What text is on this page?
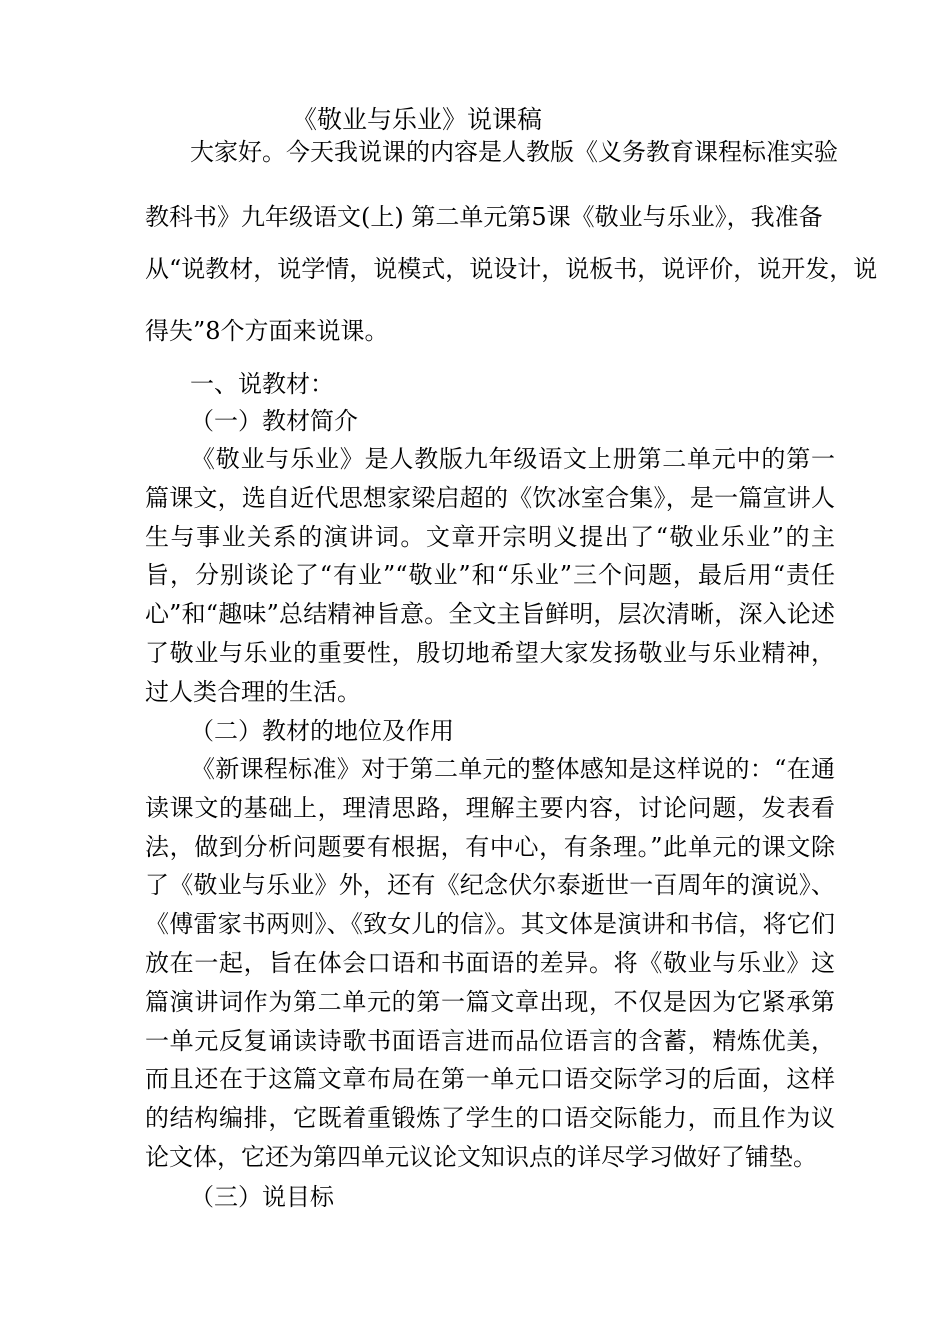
《敬业与乐业》说课稿
大家好。今天我说课的内容是人教版《义务教育课程标准实验
教科书》九年级语文(上) 第二单元第5课《敬业与乐业》，我准备
从“说教材，说学情，说模式，说设计，说板书，说评价，说开发，说
得失”8个方面来说课。
一、说教材：
（一）教材简介
《敬业与乐业》是人教版九年级语文上册第二单元中的第一篇课文，选自近代思想家梁启超的《饮冰室合集》，是一篇宣讲人生与事业关系的演讲词。文章开宗明义提出了“敬业乐业”的主旨，分别谈论了“有业”“敬业”和“乐业”三个问题，最后用“责任心”和“趣味”总结精神旨意。全文主旨鲜明，层次清晰，深入论述了敬业与乐业的重要性，殷切地希望大家发扬敬业与乐业精神，过人类合理的生活。
（二）教材的地位及作用
《新课程标准》对于第二单元的整体感知是这样说的：“在通读课文的基础上，理清思路，理解主要内容，讨论问题，发表看法，做到分析问题要有根据，有中心，有条理。”此单元的课文除了《敬业与乐业》外，还有《纪念伏尔泰逝世一百周年的演说》、《傅雷家书两则》、《致女儿的信》。其文体是演讲和书信，将它们放在一起，旨在体会口语和书面语的差异。将《敬业与乐业》这篇演讲词作为第二单元的第一篇文章出现，不仅是因为它紧承第一单元反复诵读诗歌书面语言进而品位语言的含蓄，精炼优美，而且还在于这篇文章布局在第一单元口语交际学习的后面，这样的结构编排，它既着重锻炼了学生的口语交际能力，而且作为议论文体，它还为第四单元议论文知识点的详尽学习做好了铺垫。
（三）说目标
